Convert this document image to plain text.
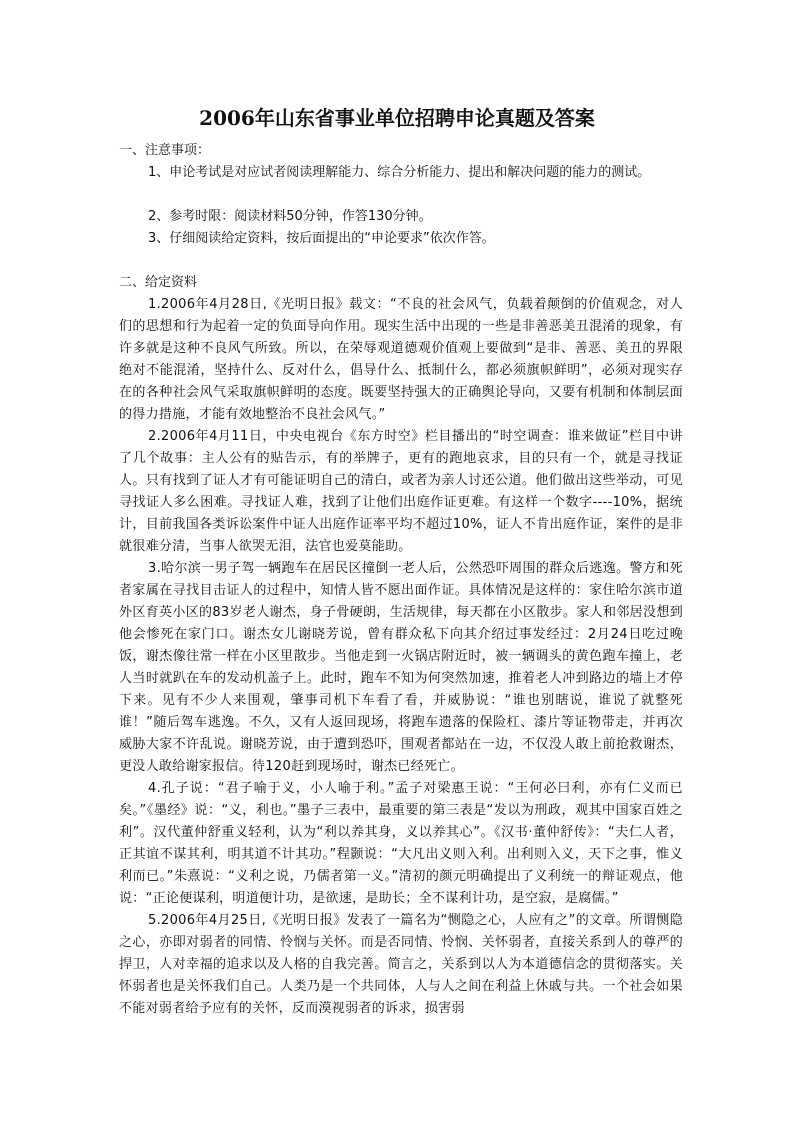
2006年山东省事业单位招聘申论真题及答案

一、注意事项：

1、申论考试是对应试者阅读理解能力、综合分析能力、提出和解决问题的能力的测试。

2、参考时限：阅读材料50分钟，作答130分钟。

3、仔细阅读给定资料，按后面提出的“申论要求”依次作答。

二、给定资料

1.2006年4月28日,《光明日报》载文：“不良的社会风气，负载着颠倒的价值观念，对人们的思想和行为起着一定的负面导向作用。现实生活中出现的一些是非善恶美丑混淆的现象，有许多就是这种不良风气所致。所以，在荣辱观道德观价值观上要做到“是非、善恶、美丑的界限绝对不能混淆，坚持什么、反对什么，倡导什么、抵制什么，都必须旗帜鲜明”，必须对现实存在的各种社会风气采取旗帜鲜明的态度。既要坚持强大的正确舆论导向，又要有机制和体制层面的得力措施，才能有效地整治不良社会风气。”

2.2006年4月11日，中央电视台《东方时空》栏目播出的“时空调查：谁来做证”栏目中讲了几个故事：主人公有的贴告示，有的举牌子，更有的跑地哀求，目的只有一个，就是寻找证人。只有找到了证人才有可能证明自己的清白，或者为亲人讨还公道。他们做出这些举动，可见寻找证人多么困难。寻找证人难，找到了让他们出庭作证更难。有这样一个数字----10%，据统计，目前我国各类诉讼案件中证人出庭作证率平均不超过10%，证人不肯出庭作证，案件的是非就很难分清，当事人欲哭无泪，法官也爱莫能助。

3.哈尔滨一男子驾一辆跑车在居民区撞倒一老人后，公然恐吓周围的群众后逃逸。警方和死者家属在寻找目击证人的过程中，知情人皆不愿出面作证。具体情况是这样的：家住哈尔滨市道外区育英小区的83岁老人谢杰，身子骨硬朗，生活规律，每天都在小区散步。家人和邻居没想到他会惨死在家门口。谢杰女儿谢晓芳说，曾有群众私下向其介绍过事发经过：2月24日吃过晚饭，谢杰像往常一样在小区里散步。当他走到一火锅店附近时，被一辆调头的黄色跑车撞上，老人当时就趴在车的发动机盖子上。此时，跑车不知为何突然加速，推着老人冲到路边的墙上才停下来。见有不少人来围观，肇事司机下车看了看，并威胁说：“谁也别瞎说，谁说了就整死谁！”随后驾车逃逸。不久，又有人返回现场，将跑车遗落的保险杠、漆片等证物带走，并再次威胁大家不许乱说。谢晓芳说，由于遭到恐吓，围观者都站在一边，不仅没人敢上前抢救谢杰，更没人敢给谢家报信。待120赶到现场时，谢杰已经死亡。

4.孔子说：“君子喻于义，小人喻于利。”孟子对梁惠王说：“王何必曰利，亦有仁义而已矣。”《墨经》说：“义，利也。”墨子三表中，最重要的第三表是“发以为刑政，观其中国家百姓之利”。汉代董仲舒重义轻利，认为“利以养其身，义以养其心”。《汉书·董仲舒传》：“夫仁人者，正其谊不谋其利，明其道不计其功。”程颢说：“大凡出义则入利。出利则入义，天下之事，惟义利而已。”朱熹说：“义利之说，乃儒者第一义。”清初的颜元明确提出了义利统一的辩证观点，他说：“正论便谋利，明道便计功，是欲速，是助长；全不谋利计功，是空寂，是腐儒。”

5.2006年4月25日,《光明日报》发表了一篇名为“恻隐之心，人应有之”的文章。所谓恻隐之心，亦即对弱者的同情、怜悯与关怀。而是否同情、怜悯、关怀弱者，直接关系到人的尊严的捍卫，人对幸福的追求以及人格的自我完善。简言之，关系到以人为本道德信念的贯彻落实。关怀弱者也是关怀我们自己。人类乃是一个共同体，人与人之间在利益上休戚与共。一个社会如果不能对弱者给予应有的关怀，反而漠视弱者的诉求，损害弱
